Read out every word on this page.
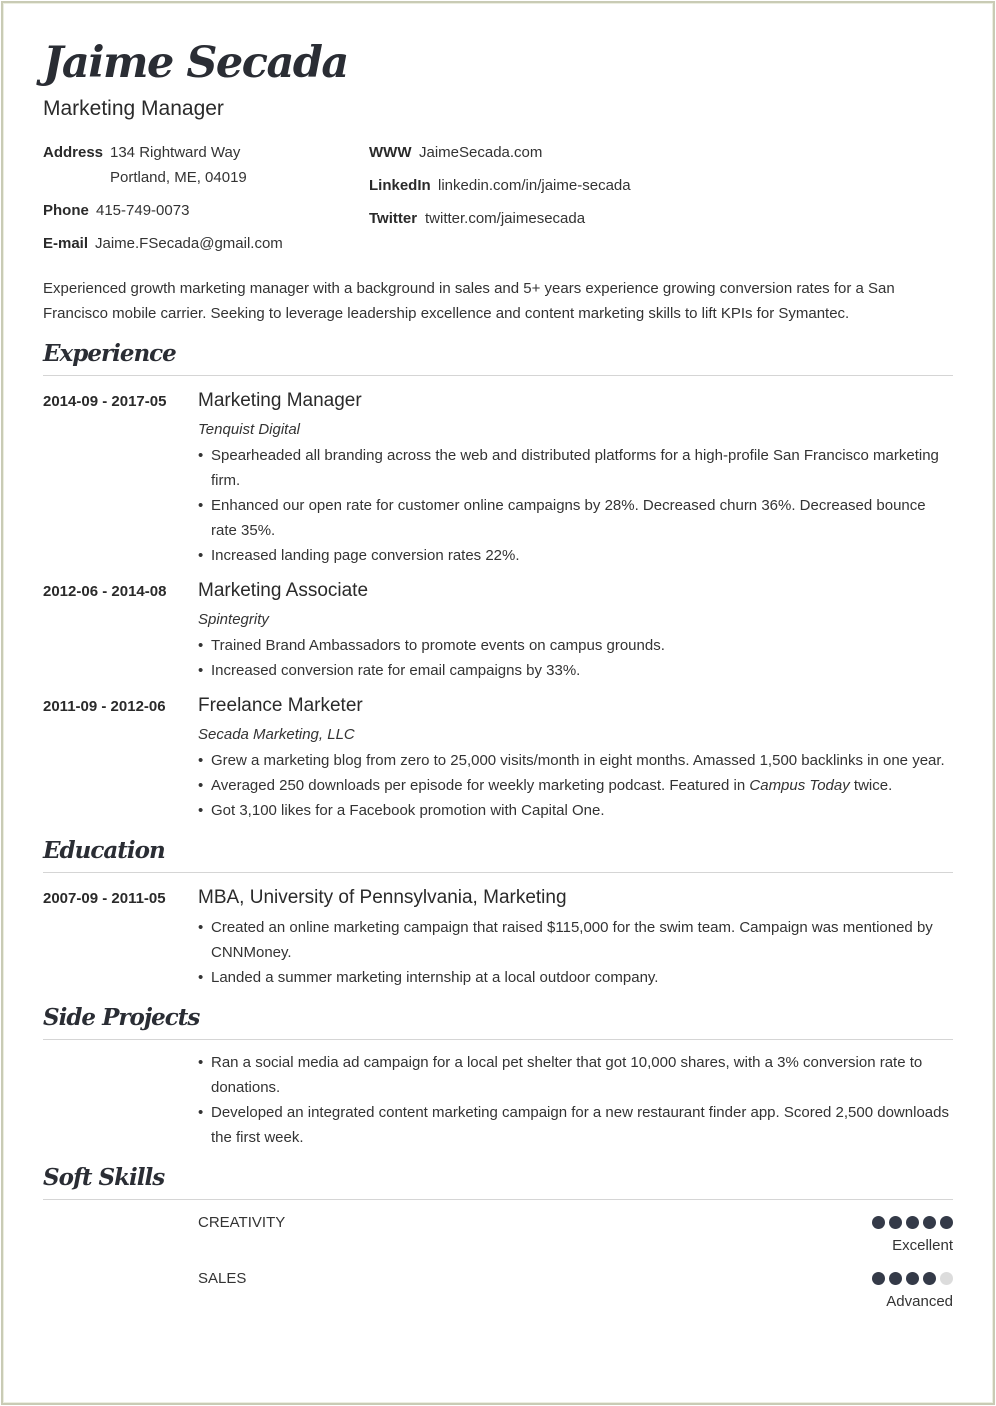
Jaime Secada
Marketing Manager
Address 134 Rightward Way
Portland, ME, 04019
Phone 415-749-0073
E-mail Jaime.FSecada@gmail.com
WWW JaimeSecada.com
LinkedIn linkedin.com/in/jaime-secada
Twitter twitter.com/jaimesecada
Experienced growth marketing manager with a background in sales and 5+ years experience growing conversion rates for a San Francisco mobile carrier. Seeking to leverage leadership excellence and content marketing skills to lift KPIs for Symantec.
Experience
2014-09 - 2017-05 Marketing Manager
Tenquist Digital
• Spearheaded all branding across the web and distributed platforms for a high-profile San Francisco marketing firm.
• Enhanced our open rate for customer online campaigns by 28%. Decreased churn 36%. Decreased bounce rate 35%.
• Increased landing page conversion rates 22%.
2012-06 - 2014-08 Marketing Associate
Spintegrity
• Trained Brand Ambassadors to promote events on campus grounds.
• Increased conversion rate for email campaigns by 33%.
2011-09 - 2012-06 Freelance Marketer
Secada Marketing, LLC
• Grew a marketing blog from zero to 25,000 visits/month in eight months. Amassed 1,500 backlinks in one year.
• Averaged 250 downloads per episode for weekly marketing podcast. Featured in Campus Today twice.
• Got 3,100 likes for a Facebook promotion with Capital One.
Education
2007-09 - 2011-05 MBA, University of Pennsylvania, Marketing
• Created an online marketing campaign that raised $115,000 for the swim team. Campaign was mentioned by CNNMoney.
• Landed a summer marketing internship at a local outdoor company.
Side Projects
• Ran a social media ad campaign for a local pet shelter that got 10,000 shares, with a 3% conversion rate to donations.
• Developed an integrated content marketing campaign for a new restaurant finder app. Scored 2,500 downloads the first week.
Soft Skills
CREATIVITY
Excellent
SALES
Advanced
